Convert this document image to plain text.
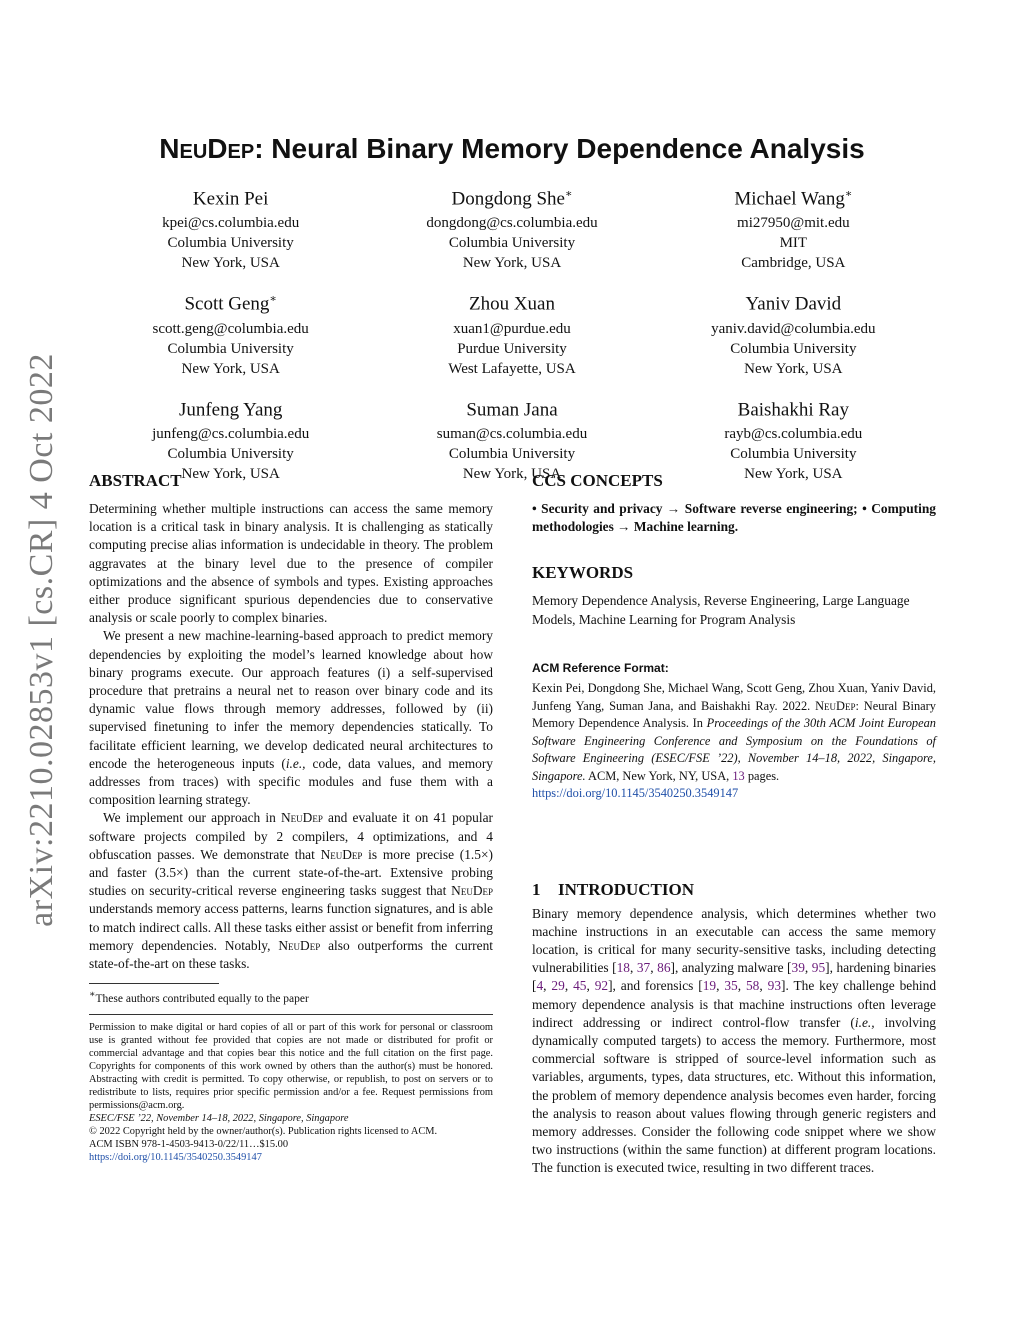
arXiv:2210.02853v1 [cs.CR] 4 Oct 2022
NeuDep: Neural Binary Memory Dependence Analysis
Kexin Pei
kpei@cs.columbia.edu
Columbia University
New York, USA
Dongdong She∗
dongdong@cs.columbia.edu
Columbia University
New York, USA
Michael Wang∗
mi27950@mit.edu
MIT
Cambridge, USA
Scott Geng∗
scott.geng@columbia.edu
Columbia University
New York, USA
Zhou Xuan
xuan1@purdue.edu
Purdue University
West Lafayette, USA
Yaniv David
yaniv.david@columbia.edu
Columbia University
New York, USA
Junfeng Yang
junfeng@cs.columbia.edu
Columbia University
New York, USA
Suman Jana
suman@cs.columbia.edu
Columbia University
New York, USA
Baishakhi Ray
rayb@cs.columbia.edu
Columbia University
New York, USA
ABSTRACT

Determining whether multiple instructions can access the same memory location is a critical task in binary analysis. It is challenging as statically computing precise alias information is undecidable in theory. The problem aggravates at the binary level due to the presence of compiler optimizations and the absence of symbols and types. Existing approaches either produce significant spurious dependencies due to conservative analysis or scale poorly to complex binaries.

We present a new machine-learning-based approach to predict memory dependencies by exploiting the model’s learned knowledge about how binary programs execute. Our approach features (i) a self-supervised procedure that pretrains a neural net to reason over binary code and its dynamic value flows through memory addresses, followed by (ii) supervised finetuning to infer the memory dependencies statically. To facilitate efficient learning, we develop dedicated neural architectures to encode the heterogeneous inputs (i.e., code, data values, and memory addresses from traces) with specific modules and fuse them with a composition learning strategy.

We implement our approach in NeuDep and evaluate it on 41 popular software projects compiled by 2 compilers, 4 optimizations, and 4 obfuscation passes. We demonstrate that NeuDep is more precise (1.5×) and faster (3.5×) than the current state-of-the-art. Extensive probing studies on security-critical reverse engineering tasks suggest that NeuDep understands memory access patterns, learns function signatures, and is able to match indirect calls. All these tasks either assist or benefit from inferring memory dependencies. Notably, NeuDep also outperforms the current state-of-the-art on these tasks.

∗These authors contributed equally to the paper
Permission to make digital or hard copies of all or part of this work for personal or classroom use is granted without fee provided that copies are not made or distributed for profit or commercial advantage and that copies bear this notice and the full citation on the first page. Copyrights for components of this work owned by others than the author(s) must be honored. Abstracting with credit is permitted. To copy otherwise, or republish, to post on servers or to redistribute to lists, requires prior specific permission and/or a fee. Request permissions from permissions@acm.org.
ESEC/FSE ’22, November 14–18, 2022, Singapore, Singapore
© 2022 Copyright held by the owner/author(s). Publication rights licensed to ACM.
ACM ISBN 978-1-4503-9413-0/22/11…$15.00
https://doi.org/10.1145/3540250.3549147
CCS CONCEPTS
• Security and privacy → Software reverse engineering; • Computing methodologies → Machine learning.
KEYWORDS
Memory Dependence Analysis, Reverse Engineering, Large Language Models, Machine Learning for Program Analysis
ACM Reference Format:
Kexin Pei, Dongdong She, Michael Wang, Scott Geng, Zhou Xuan, Yaniv David, Junfeng Yang, Suman Jana, and Baishakhi Ray. 2022. NeuDep: Neural Binary Memory Dependence Analysis. In Proceedings of the 30th ACM Joint European Software Engineering Conference and Symposium on the Foundations of Software Engineering (ESEC/FSE ’22), November 14–18, 2022, Singapore, Singapore. ACM, New York, NY, USA, 13 pages.
https://doi.org/10.1145/3540250.3549147
1 INTRODUCTION

Binary memory dependence analysis, which determines whether two machine instructions in an executable can access the same memory location, is critical for many security-sensitive tasks, including detecting vulnerabilities [18, 37, 86], analyzing malware [39, 95], hardening binaries [4, 29, 45, 92], and forensics [19, 35, 58, 93]. The key challenge behind memory dependence analysis is that machine instructions often leverage indirect addressing or indirect control-flow transfer (i.e., involving dynamically computed targets) to access the memory. Furthermore, most commercial software is stripped of source-level information such as variables, arguments, types, data structures, etc. Without this information, the problem of memory dependence analysis becomes even harder, forcing the analysis to reason about values flowing through generic registers and memory addresses. Consider the following code snippet where we show two instructions (within the same function) at different program locations. The function is executed twice, resulting in two different traces.
